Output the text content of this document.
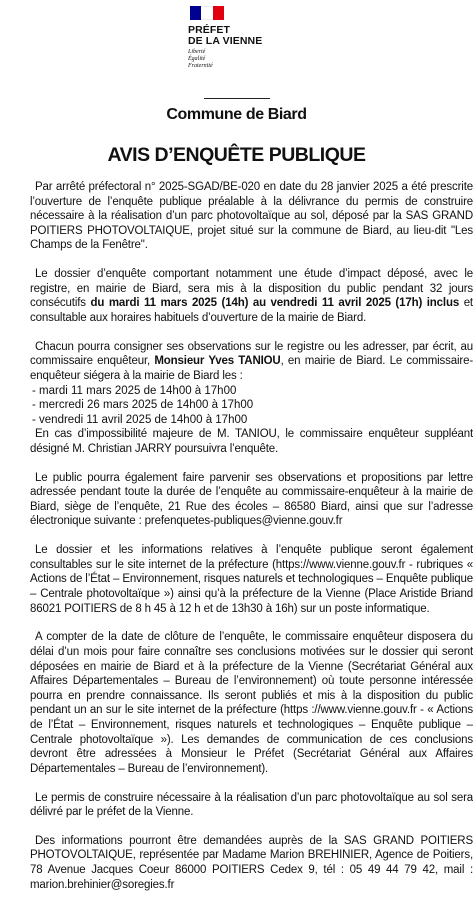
PRÉFET
DE LA VIENNE
Liberté
Égalité
Fraternité
Commune de Biard
AVIS D’ENQUÊTE PUBLIQUE

Par arrêté préfectoral n° 2025-SGAD/BE-020 en date du 28 janvier 2025 a été prescrite l’ouverture de l’enquête publique préalable à la délivrance du permis de construire nécessaire à la réalisation d’un parc photovoltaïque au sol, déposé par la SAS GRAND POITIERS PHOTOVOLTAIQUE, projet situé sur la commune de Biard, au lieu-dit "Les Champs de la Fenêtre".

Le dossier d’enquête comportant notamment une étude d’impact déposé, avec le registre, en mairie de Biard, sera mis à la disposition du public pendant 32 jours consécutifs du mardi 11 mars 2025 (14h) au vendredi 11 avril 2025 (17h) inclus et consultable aux horaires habituels d’ouverture de la mairie de Biard.

Chacun pourra consigner ses observations sur le registre ou les adresser, par écrit, au commissaire enquêteur, Monsieur Yves TANIOU, en mairie de Biard. Le commissaire-enquêteur siégera à la mairie de Biard les :

- mardi 11 mars 2025 de 14h00 à 17h00
- mercredi 26 mars 2025 de 14h00 à 17h00
- vendredi 11 avril 2025 de 14h00 à 17h00

En cas d’impossibilité majeure de M. TANIOU, le commissaire enquêteur suppléant désigné M. Christian JARRY poursuivra l’enquête.

Le public pourra également faire parvenir ses observations et propositions par lettre adressée pendant toute la durée de l’enquête au commissaire-enquêteur à la mairie de Biard, siège de l’enquête, 21 Rue des écoles – 86580 Biard, ainsi que sur l’adresse électronique suivante : prefenquetes-publiques@vienne.gouv.fr

Le dossier et les informations relatives à l’enquête publique seront également consultables sur le site internet de la préfecture (https://www.vienne.gouv.fr - rubriques « Actions de l’État – Environnement, risques naturels et technologiques – Enquête publique – Centrale photovoltaïque ») ainsi qu’à la préfecture de la Vienne (Place Aristide Briand 86021 POITIERS de 8 h 45 à 12 h et de 13h30 à 16h) sur un poste informatique.

A compter de la date de clôture de l’enquête, le commissaire enquêteur disposera du délai d’un mois pour faire connaître ses conclusions motivées sur le dossier qui seront déposées en mairie de Biard et à la préfecture de la Vienne (Secrétariat Général aux Affaires Départementales – Bureau de l’environnement) où toute personne intéressée pourra en prendre connaissance. Ils seront publiés et mis à la disposition du public pendant un an sur le site internet de la préfecture (https ://www.vienne.gouv.fr - « Actions de l’État – Environnement, risques naturels et technologiques – Enquête publique – Centrale photovoltaïque »). Les demandes de communication de ces conclusions devront être adressées à Monsieur le Préfet (Secrétariat Général aux Affaires Départementales – Bureau de l’environnement).

Le permis de construire nécessaire à la réalisation d’un parc photovoltaïque au sol sera délivré par le préfet de la Vienne.

Des informations pourront être demandées auprès de la SAS GRAND POITIERS PHOTOVOLTAIQUE, représentée par Madame Marion BREHINIER, Agence de Poitiers, 78 Avenue Jacques Coeur 86000 POITIERS Cedex 9, tél : 05 49 44 79 42, mail : marion.brehinier@soregies.fr
